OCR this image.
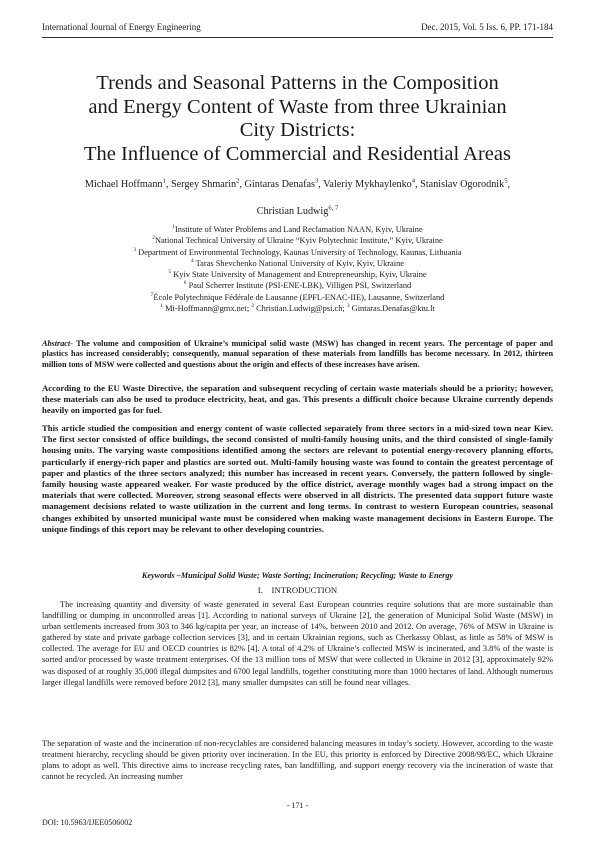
International Journal of Energy Engineering	Dec. 2015, Vol. 5 Iss. 6, PP. 171-184
Trends and Seasonal Patterns in the Composition
and Energy Content of Waste from three Ukrainian
City Districts:
The Influence of Commercial and Residential Areas
Michael Hoffmann$^1$, Sergey Shmarin$^2$, Gintaras Denafas$^3$, Valeriy Mykhaylenko$^4$, Stanislav Ogorodnik$^5$,
Christian Ludwig$^{6, 7}$
$^1$Institute of Water Problems and Land Reclamation NAAN, Kyiv, Ukraine
$^2$National Technical University of Ukraine “Kyiv Polytechnic Institute,” Kyiv, Ukraine
$^3$ Department of Environmental Technology, Kaunas University of Technology, Kaunas, Lithuania
$^4$ Taras Shevchenko National University of Kyiv, Kyiv, Ukraine
$^5$ Kyiv State University of Management and Entrepreneurship, Kyiv, Ukraine
$^6$ Paul Scherrer Institute (PSI-ENE-LBK), Villigen PSI, Switzerland
$^7$École Polytechnique Fédérale de Lausanne (EPFL-ENAC-IIE), Lausanne, Switzerland
$^1$ Mi-Hoffmann@gmx.net; $^2$ Christian.Ludwig@psi.ch; $^3$ Gintaras.Denafas@ktu.lt
Abstract- The volume and composition of Ukraine’s municipal solid waste (MSW) has changed in recent years. The percentage of paper and plastics has increased considerably; consequently, manual separation of these materials from landfills has become necessary. In 2012, thirteen million tons of MSW were collected and questions about the origin and effects of these increases have arisen.
According to the EU Waste Directive, the separation and subsequent recycling of certain waste materials should be a priority; however, these materials can also be used to produce electricity, heat, and gas. This presents a difficult choice because Ukraine currently depends heavily on imported gas for fuel.
This article studied the composition and energy content of waste collected separately from three sectors in a mid-sized town near Kiev. The first sector consisted of office buildings, the second consisted of multi-family housing units, and the third consisted of single-family housing units. The varying waste compositions identified among the sectors are relevant to potential energy-recovery planning efforts, particularly if energy-rich paper and plastics are sorted out. Multi-family housing waste was found to contain the greatest percentage of paper and plastics of the three sectors analyzed; this number has increased in recent years. Conversely, the pattern followed by single-family housing waste appeared weaker. For waste produced by the office district, average monthly wages had a strong impact on the materials that were collected. Moreover, strong seasonal effects were observed in all districts. The presented data support future waste management decisions related to waste utilization in the current and long terms. In contrast to western European countries, seasonal changes exhibited by unsorted municipal waste must be considered when making waste management decisions in Eastern Europe. The unique findings of this report may be relevant to other developing countries.
Keywords –Municipal Solid Waste; Waste Sorting; Incineration; Recycling; Waste to Energy
I.    INTRODUCTION
The increasing quantity and diversity of waste generated in several East European countries require solutions that are more sustainable than landfilling or dumping in uncontrolled areas [1]. According to national surveys of Ukraine [2], the generation of Municipal Solid Waste (MSW) in urban settlements increased from 303 to 346 kg/capita per year, an increase of 14%, between 2010 and 2012. On average, 76% of MSW in Ukraine is gathered by state and private garbage collection services [3], and in certain Ukrainian regions, such as Cherkassy Oblast, as little as 58% of MSW is collected. The average for EU and OECD countries is 82% [4]. A total of 4.2% of Ukraine’s collected MSW is incinerated, and 3.8% of the waste is sorted and/or processed by waste treatment enterprises. Of the 13 million tons of MSW that were collected in Ukraine in 2012 [3], approximately 92% was disposed of at roughly 35,000 illegal dumpsites and 6700 legal landfills, together constituting more than 1000 hectares of land. Although numerous larger illegal landfills were removed before 2012 [3], many smaller dumpsites can still be found near villages.
The separation of waste and the incineration of non-recyclables are considered balancing measures in today’s society. However, according to the waste treatment hierarchy, recycling should be given priority over incineration. In the EU, this priority is enforced by Directive 2008/98/EC, which Ukraine plans to adopt as well. This directive aims to increase recycling rates, ban landfilling, and support energy recovery via the incineration of waste that cannot be recycled. An increasing number
- 171 -
DOI: 10.5963/IJEE0506002
